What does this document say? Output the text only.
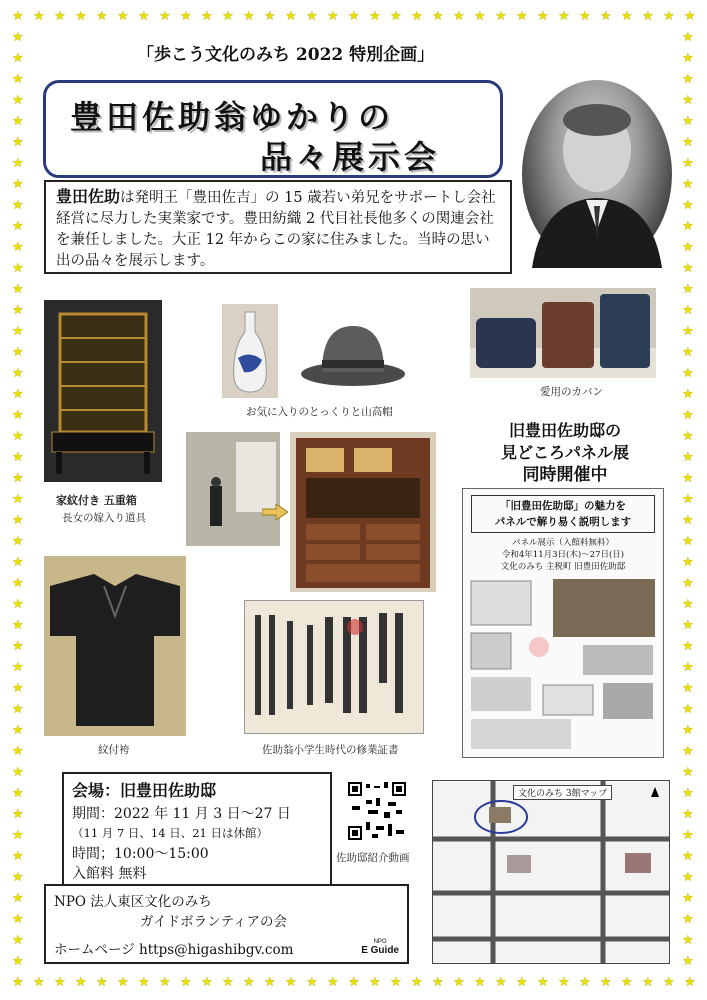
★
★
★
★
★
★
★
★
★
★
★
★
★
★
★
★
★
★
★
★
★
★
★
★
★
★
★
★
★
★
★
★
★
★
★
★
★
★
★
★
★
★
★
★
★
★
★
★
★
★
★
★
★
★
★
★
★
★
★
★
★
★
★
★
★
★
★	★
★	★
★	★
★	★
★	★
★	★
★	★
★	★
★	★
★	★
★	★
★	★
★	★
★	★
★	★
★	★
★	★
★	★
★	★
★	★
★	★
★	★
★	★
★	★
★	★
★	★
★	★
★	★
★	★
★	★
★	★
★	★
★	★
★	★
★	★
★	★
★	★
★	★
★	★
★	★
★	★
★	★
★	★
★	★
★	★
「歩こう文化のみち 2022 特別企画」
豊田佐助翁ゆかりの
品々展示会
豊田佐助は発明王「豊田佐吉」の 15 歳若い弟兄をサポートし会社経営に尽力した実業家です。豊田紡織 2 代目社長他多くの関連会社を兼任しました。大正 12 年からこの家に住みました。当時の思い出の品々を展示します。
家紋付き 五重箱
長女の嫁入り道具
お気に入りのとっくりと山高帽
愛用のカバン
紋付袴	佐助翁小学生時代の修業証書
旧豊田佐助邸の
見どころパネル展
同時開催中
「旧豊田佐助邸」の魅力を
パネルで解り易く説明します
パネル展示（入館料無料）
令和4年11月3日(木)～27日(日)
文化のみち 主税町 旧豊田佐助邸
会場：旧豊田佐助邸
期間：2022 年 11 月 3 日～27 日
（11 月 7 日、14 日、21 日は休館）
時間；10:00～15:00
入館料 無料
佐助邸紹介動画
文化のみち 3館マップ
NPO 法人東区文化のみち
ガイドボランティアの会
ホームページ https@higashibgv.com	NPO
E Guide
